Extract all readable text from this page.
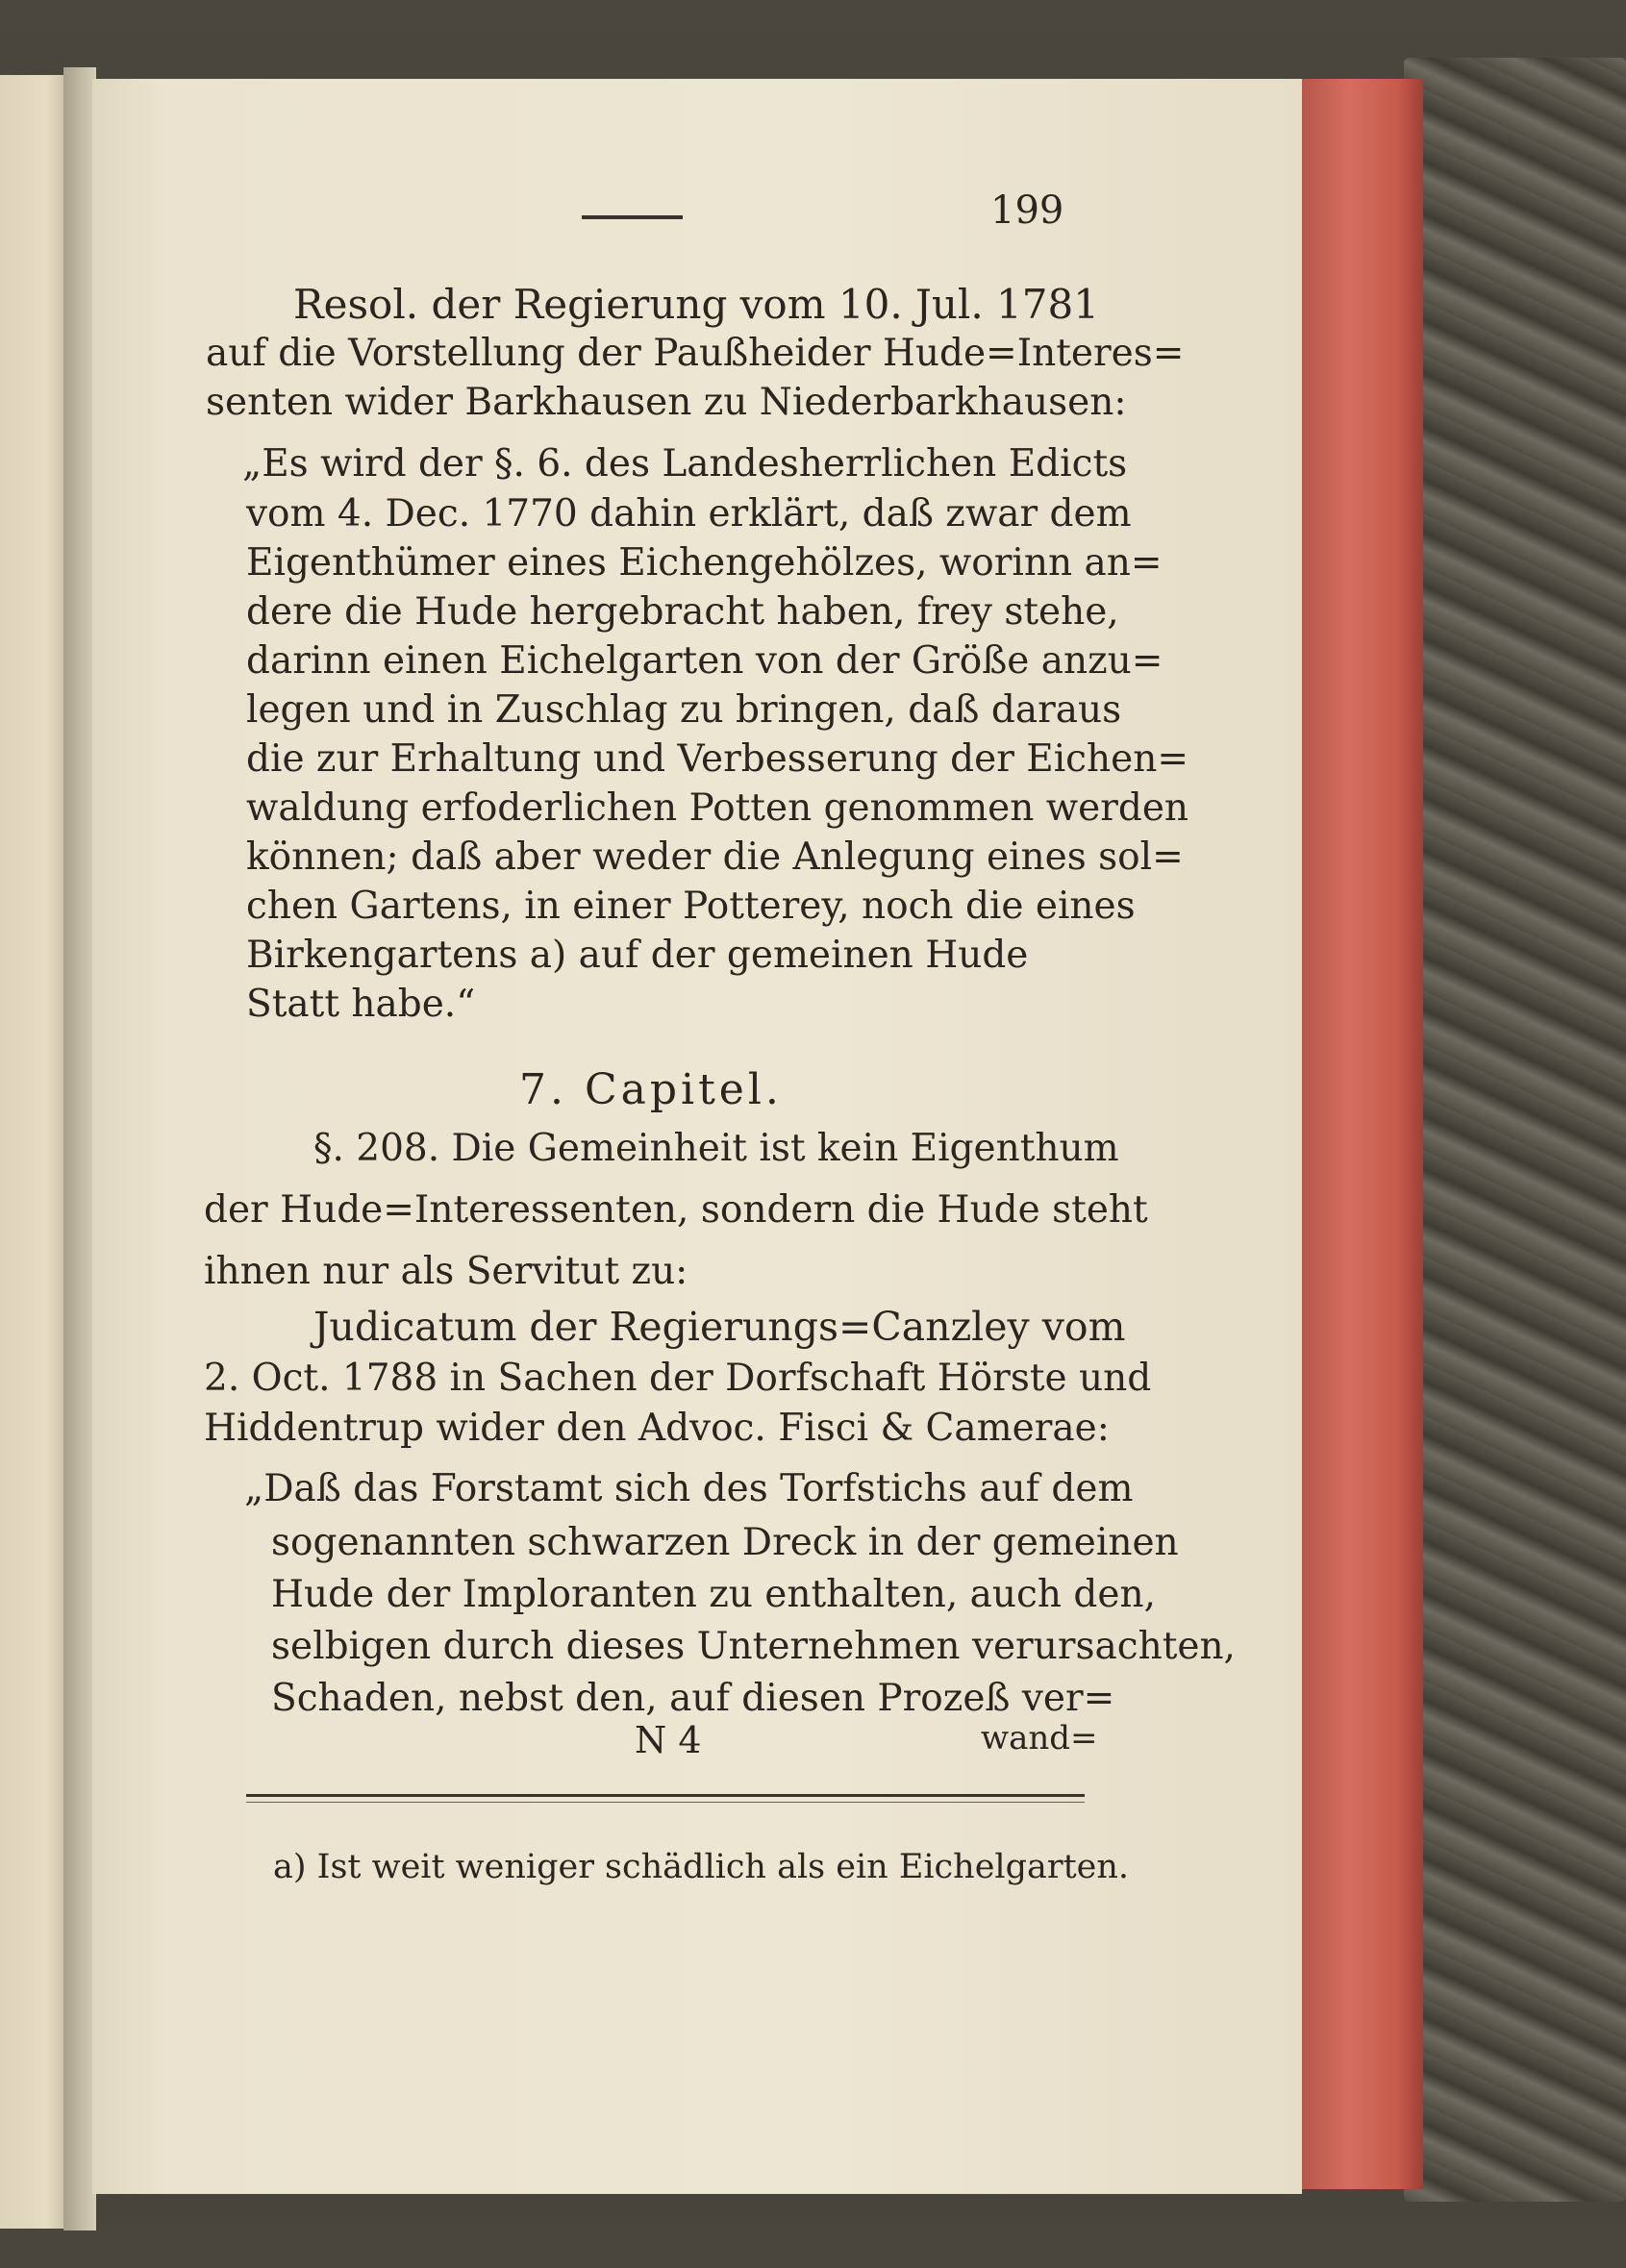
199
Resol. der Regierung vom 10. Jul. 1781
auf die Vorstellung der Paußheider Hude=Interes=
senten wider Barkhausen zu Niederbarkhausen:
„Es wird der §. 6. des Landesherrlichen Edicts
vom 4. Dec. 1770 dahin erklärt, daß zwar dem
Eigenthümer eines Eichengehölzes, worinn an=
dere die Hude hergebracht haben, frey stehe,
darinn einen Eichelgarten von der Größe anzu=
legen und in Zuschlag zu bringen, daß daraus
die zur Erhaltung und Verbesserung der Eichen=
waldung erfoderlichen Potten genommen werden
können; daß aber weder die Anlegung eines sol=
chen Gartens, in einer Potterey, noch die eines
Birkengartens a) auf der gemeinen Hude
Statt habe.“
7. Capitel.
§. 208. Die Gemeinheit ist kein Eigenthum
der Hude=Interessenten, sondern die Hude steht
ihnen nur als Servitut zu:
Judicatum der Regierungs=Canzley vom
2. Oct. 1788 in Sachen der Dorfschaft Hörste und
Hiddentrup wider den Advoc. Fisci & Camerae:
„Daß das Forstamt sich des Torfstichs auf dem
sogenannten schwarzen Dreck in der gemeinen
Hude der Imploranten zu enthalten, auch den,
selbigen durch dieses Unternehmen verursachten,
Schaden, nebst den, auf diesen Prozeß ver=
N 4	wand=
a) Ist weit weniger schädlich als ein Eichelgarten.
